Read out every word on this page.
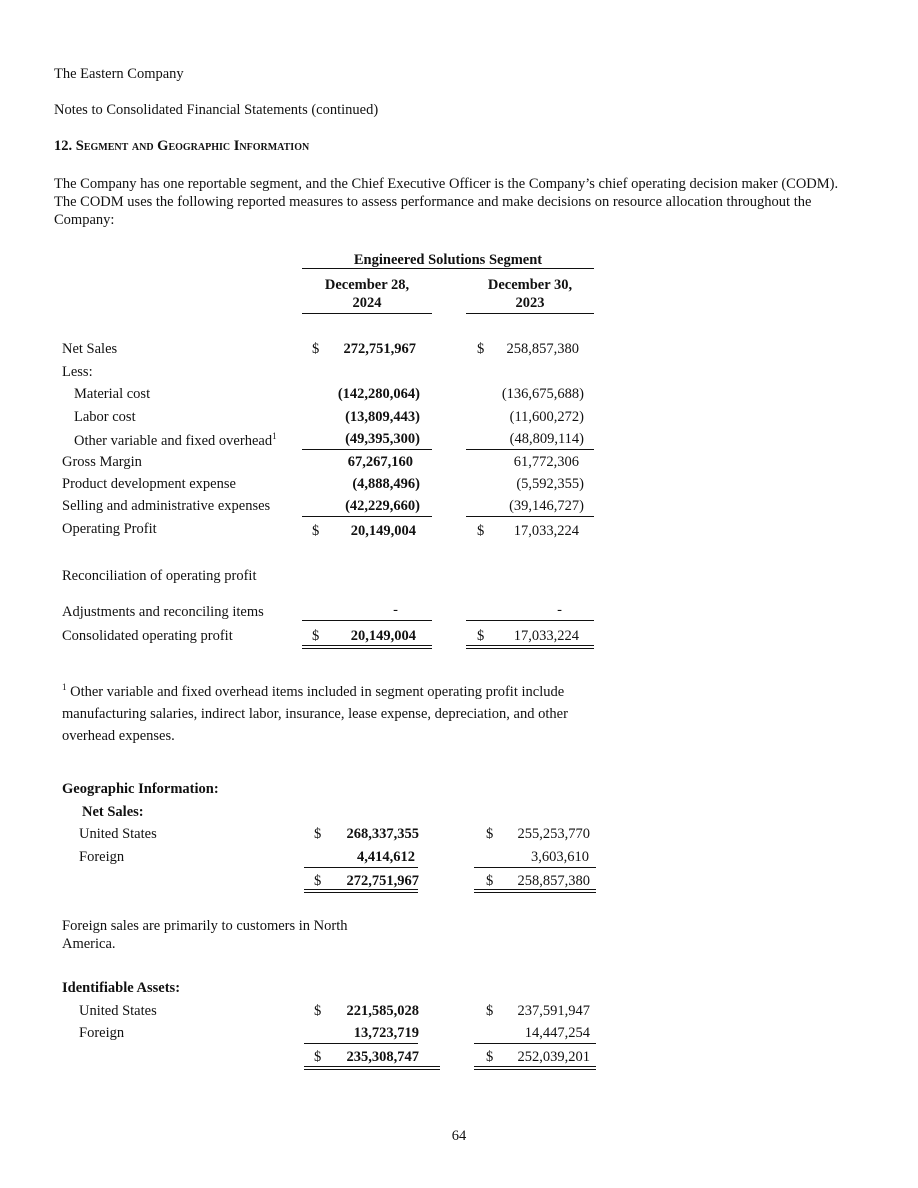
The Eastern Company
Notes to Consolidated Financial Statements (continued)
12. Segment and Geographic Information
The Company has one reportable segment, and the Chief Executive Officer is the Company’s chief operating decision maker (CODM). The CODM uses the following reported measures to assess performance and make decisions on resource allocation throughout the Company:
Engineered Solutions Segment
December 28,
2024
December 30,
2023
Net Sales	$ 272,751,967	$ 258,857,380
Less:
Material cost	(142,280,064)	(136,675,688)
Labor cost	(13,809,443)	(11,600,272)
Other variable and fixed overhead$^1$	(49,395,300)	(48,809,114)
Gross Margin	67,267,160	61,772,306
Product development expense	(4,888,496)	(5,592,355)
Selling and administrative expenses	(42,229,660)	(39,146,727)
Operating Profit	$ 20,149,004	$ 17,033,224
Reconciliation of operating profit
Adjustments and reconciling items	-	-
Consolidated operating profit	$ 20,149,004	$ 17,033,224
$^1$ Other variable and fixed overhead items included in segment operating profit include manufacturing salaries, indirect labor, insurance, lease expense, depreciation, and other overhead expenses.
Geographic Information:
Net Sales:
United States	$ 268,337,355	$ 255,253,770
Foreign	4,414,612	3,603,610
$ 272,751,967	$ 258,857,380
Foreign sales are primarily to customers in North America.
Identifiable Assets:
United States	$ 221,585,028	$ 237,591,947
Foreign	13,723,719	14,447,254
$ 235,308,747	$ 252,039,201
64
